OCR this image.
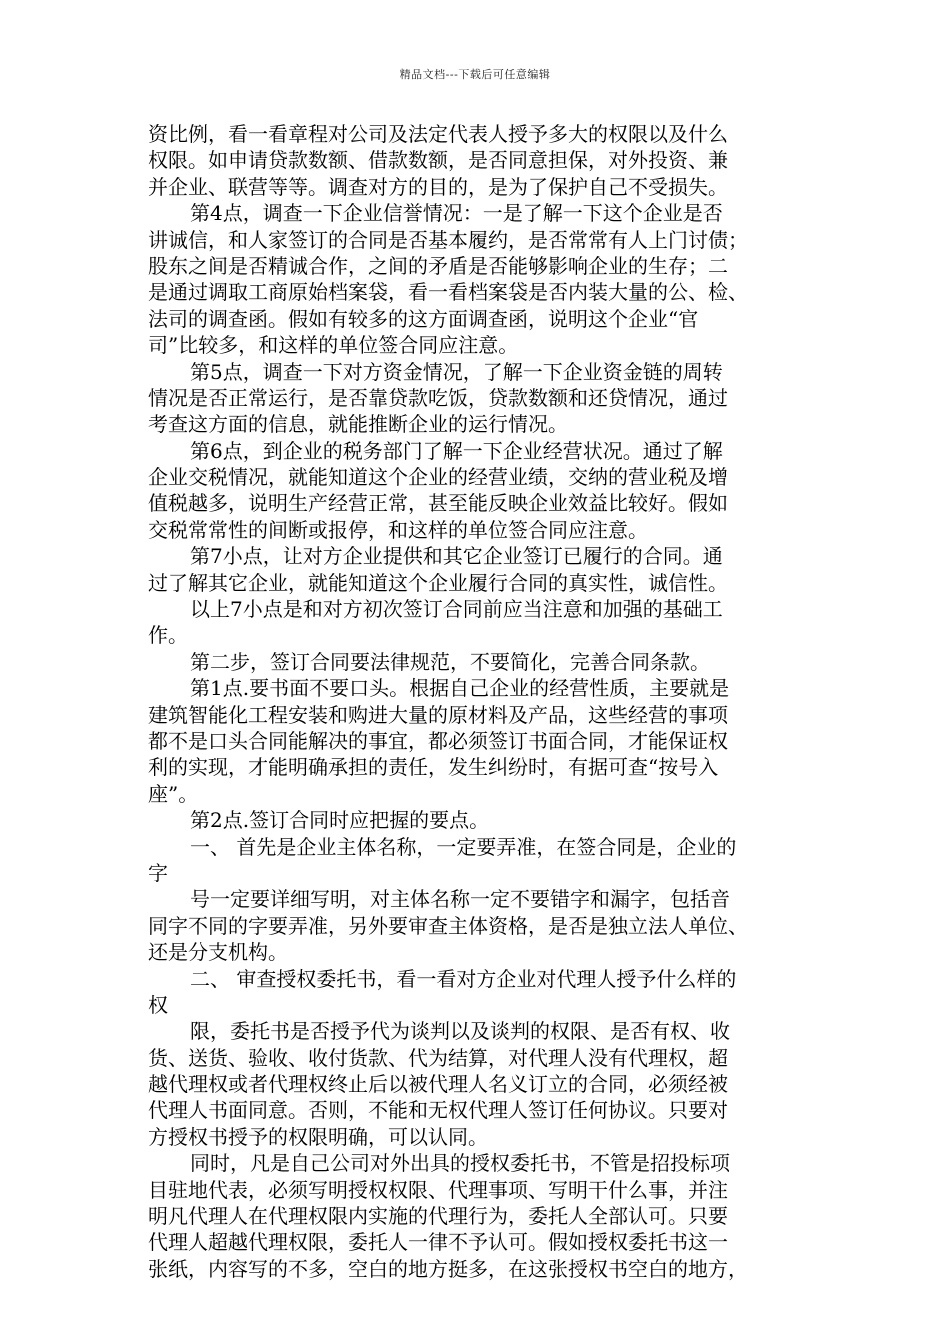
精品文档---下载后可任意编辑
资比例，看一看章程对公司及法定代表人授予多大的权限以及什么
权限。如申请贷款数额、借款数额，是否同意担保，对外投资、兼
并企业、联营等等。调查对方的目的，是为了保护自己不受损失。
第4点，调查一下企业信誉情况：一是了解一下这个企业是否
讲诚信，和人家签订的合同是否基本履约，是否常常有人上门讨债；
股东之间是否精诚合作，之间的矛盾是否能够影响企业的生存；二
是通过调取工商原始档案袋，看一看档案袋是否内装大量的公、检、
法司的调查函。假如有较多的这方面调查函，说明这个企业“官
司”比较多，和这样的单位签合同应注意。
第5点，调查一下对方资金情况，了解一下企业资金链的周转
情况是否正常运行，是否靠贷款吃饭，贷款数额和还贷情况，通过
考查这方面的信息，就能推断企业的运行情况。
第6点，到企业的税务部门了解一下企业经营状况。通过了解
企业交税情况，就能知道这个企业的经营业绩，交纳的营业税及增
值税越多，说明生产经营正常，甚至能反映企业效益比较好。假如
交税常常性的间断或报停，和这样的单位签合同应注意。
第7小点，让对方企业提供和其它企业签订已履行的合同。通
过了解其它企业，就能知道这个企业履行合同的真实性，诚信性。
以上7小点是和对方初次签订合同前应当注意和加强的基础工
作。
第二步，签订合同要法律规范，不要简化，完善合同条款。
第1点.要书面不要口头。根据自己企业的经营性质，主要就是
建筑智能化工程安装和购进大量的原材料及产品，这些经营的事项
都不是口头合同能解决的事宜，都必须签订书面合同，才能保证权
利的实现，才能明确承担的责任，发生纠纷时，有据可查“按号入
座”。
第2点.签订合同时应把握的要点。
一、 首先是企业主体名称，一定要弄准，在签合同是，企业的
字
号一定要详细写明，对主体名称一定不要错字和漏字，包括音
同字不同的字要弄准，另外要审查主体资格，是否是独立法人单位、
还是分支机构。
二、 审查授权委托书，看一看对方企业对代理人授予什么样的
权
限，委托书是否授予代为谈判以及谈判的权限、是否有权、收
货、送货、验收、收付货款、代为结算，对代理人没有代理权，超
越代理权或者代理权终止后以被代理人名义订立的合同，必须经被
代理人书面同意。否则，不能和无权代理人签订任何协议。只要对
方授权书授予的权限明确，可以认同。
同时，凡是自己公司对外出具的授权委托书，不管是招投标项
目驻地代表，必须写明授权权限、代理事项、写明干什么事，并注
明凡代理人在代理权限内实施的代理行为，委托人全部认可。只要
代理人超越代理权限，委托人一律不予认可。假如授权委托书这一
张纸，内容写的不多，空白的地方挺多，在这张授权书空白的地方，
